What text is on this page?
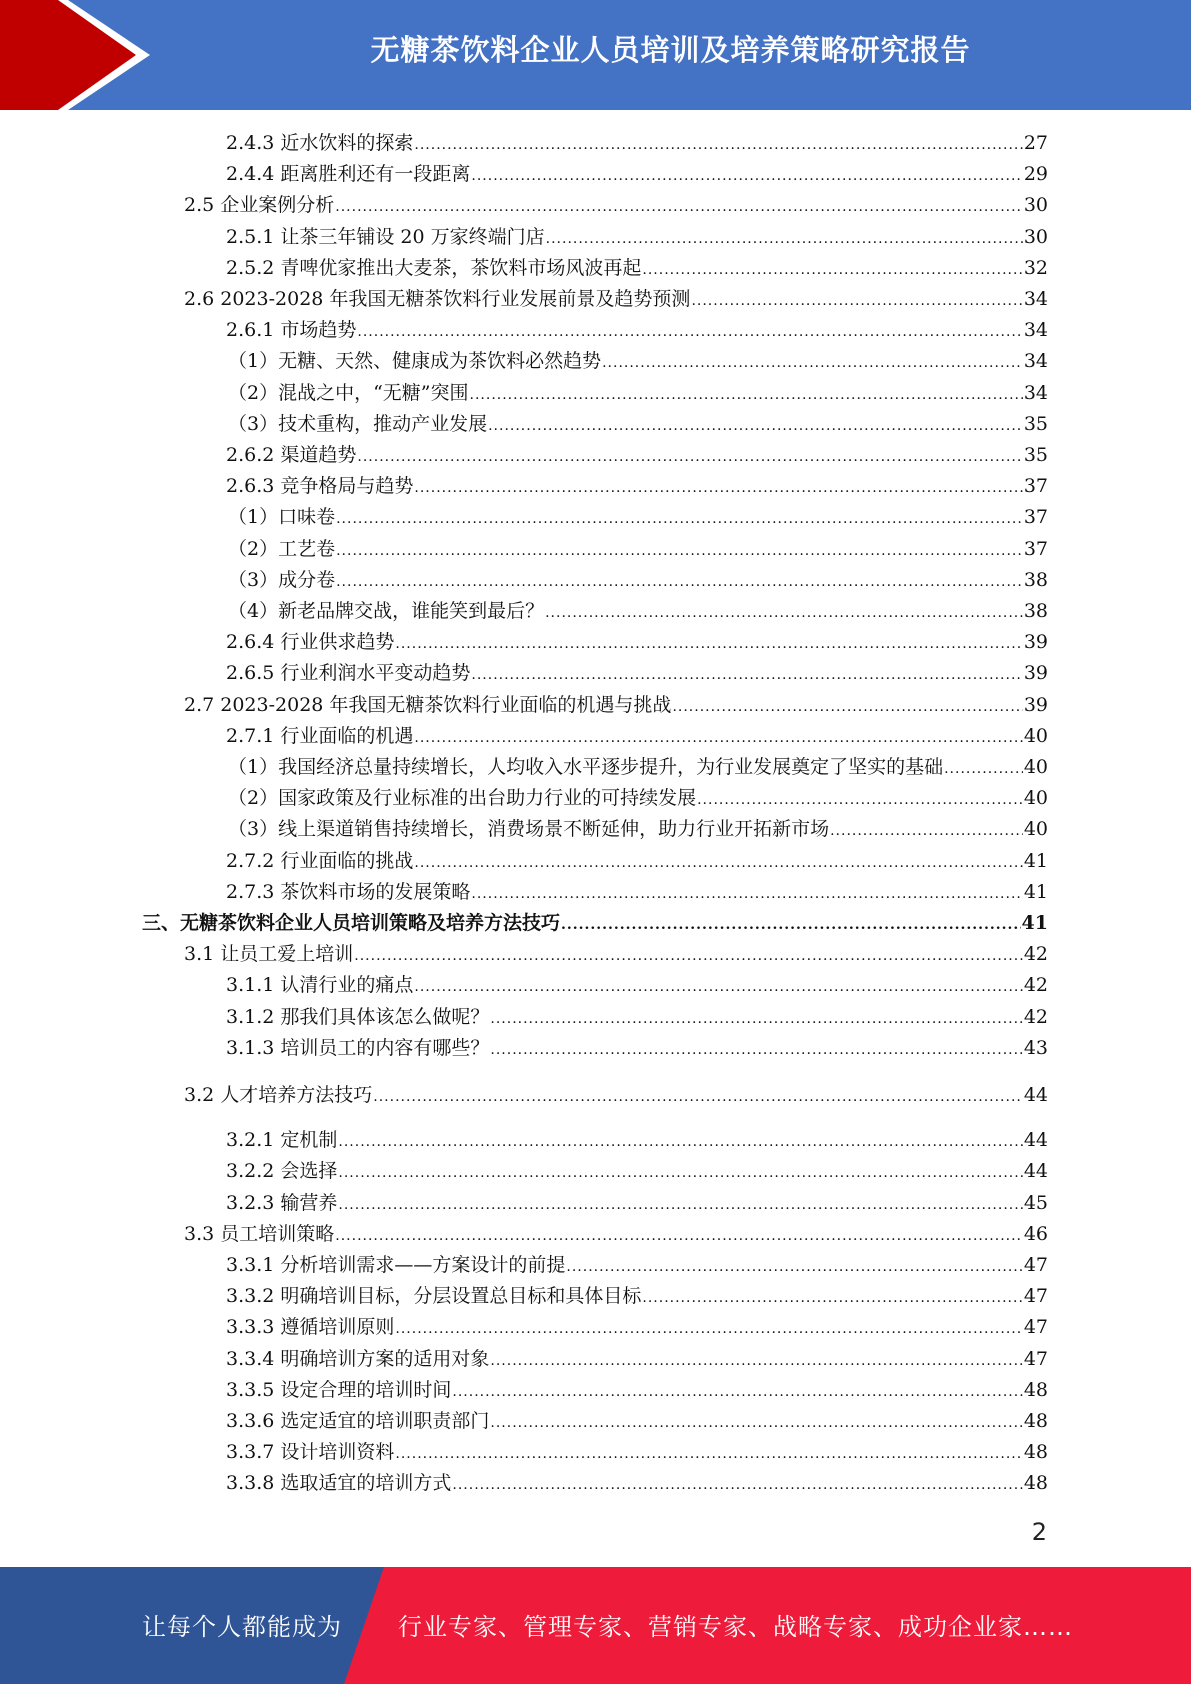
无糖茶饮料企业人员培训及培养策略研究报告
2.4.3 近水饮料的探索 .....	27
2.4.4 距离胜利还有一段距离 .....	29
2.5 企业案例分析 .....	30
2.5.1 让茶三年铺设 20 万家终端门店 .....	30
2.5.2 青啤优家推出大麦茶，茶饮料市场风波再起 .....	32
2.6 2023-2028 年我国无糖茶饮料行业发展前景及趋势预测 .....	34
2.6.1 市场趋势 .....	34
（1）无糖、天然、健康成为茶饮料必然趋势 .....	34
（2）混战之中，“无糖”突围 .....	34
（3）技术重构，推动产业发展 .....	35
2.6.2 渠道趋势 .....	35
2.6.3 竞争格局与趋势 .....	37
（1）口味卷 .....	37
（2）工艺卷 .....	37
（3）成分卷 .....	38
（4）新老品牌交战，谁能笑到最后？ .....	38
2.6.4 行业供求趋势 .....	39
2.6.5 行业利润水平变动趋势 .....	39
2.7 2023-2028 年我国无糖茶饮料行业面临的机遇与挑战 .....	39
2.7.1 行业面临的机遇 .....	40
（1）我国经济总量持续增长，人均收入水平逐步提升，为行业发展奠定了坚实的基础 .....	40
（2）国家政策及行业标准的出台助力行业的可持续发展 .....	40
（3）线上渠道销售持续增长，消费场景不断延伸，助力行业开拓新市场 .....	40
2.7.2 行业面临的挑战 .....	41
2.7.3 茶饮料市场的发展策略 .....	41
三、无糖茶饮料企业人员培训策略及培养方法技巧 .....	41
3.1 让员工爱上培训 .....	42
3.1.1 认清行业的痛点 .....	42
3.1.2 那我们具体该怎么做呢？ .....	42
3.1.3 培训员工的内容有哪些？ .....	43
3.2 人才培养方法技巧 .....	44
3.2.1 定机制 .....	44
3.2.2 会选择 .....	44
3.2.3 输营养 .....	45
3.3 员工培训策略 .....	46
3.3.1 分析培训需求——方案设计的前提 .....	47
3.3.2 明确培训目标，分层设置总目标和具体目标 .....	47
3.3.3 遵循培训原则 .....	47
3.3.4 明确培训方案的适用对象 .....	47
3.3.5 设定合理的培训时间 .....	48
3.3.6 选定适宜的培训职责部门 .....	48
3.3.7 设计培训资料 .....	48
3.3.8 选取适宜的培训方式 .....	48
2
让每个人都能成为 行业专家、管理专家、营销专家、战略专家、成功企业家……
